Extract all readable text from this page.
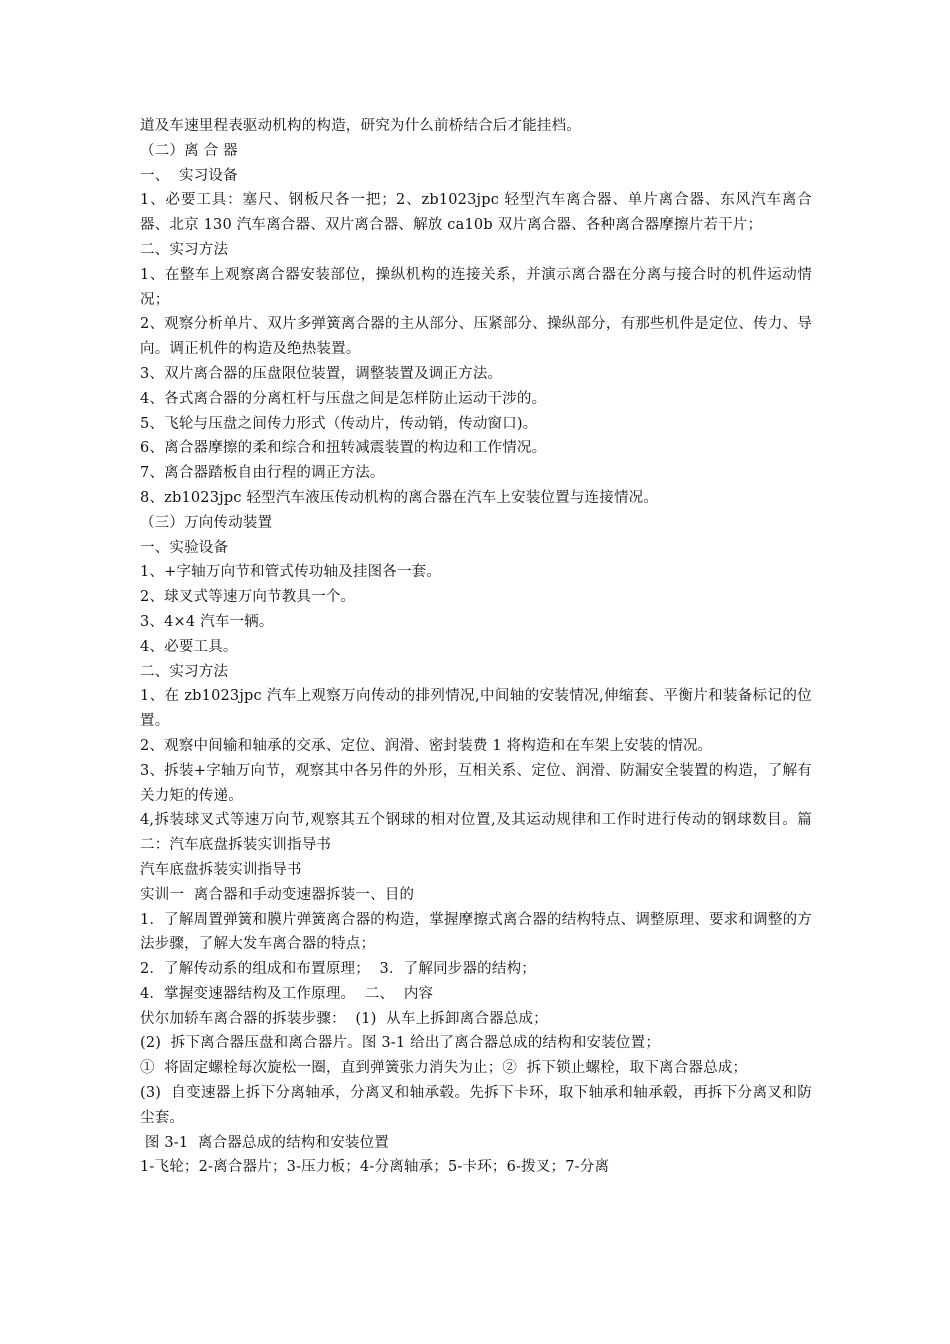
道及车速里程表驱动机构的构造，研究为什么前桥结合后才能挂档。

（二）离 合 器

一、  实习设备

1、必要工具：塞尺、钢板尺各一把；2、zb1023jpc 轻型汽车离合器、单片离合器、东风汽车离合器、北京 130 汽车离合器、双片离合器、解放 ca10b 双片离合器、各种离合器摩擦片若干片；

二、实习方法

1、在整车上观察离合器安装部位，操纵机构的连接关系，并演示离合器在分离与接合时的机件运动情况；

2、观察分析单片、双片多弹簧离合器的主从部分、压紧部分、操纵部分，有那些机件是定位、传力、导向。调正机件的构造及绝热装置。

3、双片离合器的压盘限位装置，调整装置及调正方法。

4、各式离合器的分离杠杆与压盘之间是怎样防止运动干涉的。

5、飞轮与压盘之间传力形式（传动片，传动销，传动窗口)。

6、离合器摩擦的柔和综合和扭转减震装置的构边和工作情况。

7、离合器踏板自由行程的调正方法。

8、zb1023jpc 轻型汽车液压传动机构的离合器在汽车上安装位置与连接情况。

（三）万向传动装置

一、实验设备

1、+字轴万向节和管式传功轴及挂图各一套。

2、球叉式等速万向节教具一个。

3、4×4 汽车一辆。

4、必要工具。

二、实习方法

1、在 zb1023jpc 汽车上观察万向传动的排列情况,中间轴的安装情况,伸缩套、平衡片和装备标记的位置。

2、观察中间输和轴承的交承、定位、润滑、密封装费 1 将构造和在车架上安装的情况。

3、拆装+字轴万向节，观察其中各另件的外形，互相关系、定位、润滑、防漏安全装置的构造，了解有关力矩的传递。

4,拆装球叉式等速万向节,观察其五个钢球的相对位置,及其运动规律和工作时进行传动的钢球数目。篇二：汽车底盘拆装实训指导书

汽车底盘拆装实训指导书

实训一  离合器和手动变速器拆装一、目的

1．了解周置弹簧和膜片弹簧离合器的构造，掌握摩擦式离合器的结构特点、调整原理、要求和调整的方法步骤，了解大发车离合器的特点；

2．了解传动系的组成和布置原理；  3．了解同步器的结构；

4．掌握变速器结构及工作原理。  二、  内容

伏尔加轿车离合器的拆装步骤：  (1)  从车上拆卸离合器总成；

(2)  拆下离合器压盘和离合器片。图 3-1 给出了离合器总成的结构和安装位置；

①  将固定螺栓每次旋松一圈，直到弹簧张力消失为止；②  拆下锁止螺栓，取下离合器总成；

(3)  自变速器上拆下分离轴承，分离叉和轴承毂。先拆下卡环，取下轴承和轴承毂，再拆下分离叉和防尘套。

图 3-1  离合器总成的结构和安装位置

1-飞轮；2-离合器片；3-压力板；4-分离轴承；5-卡环；6-拨叉；7-分离
